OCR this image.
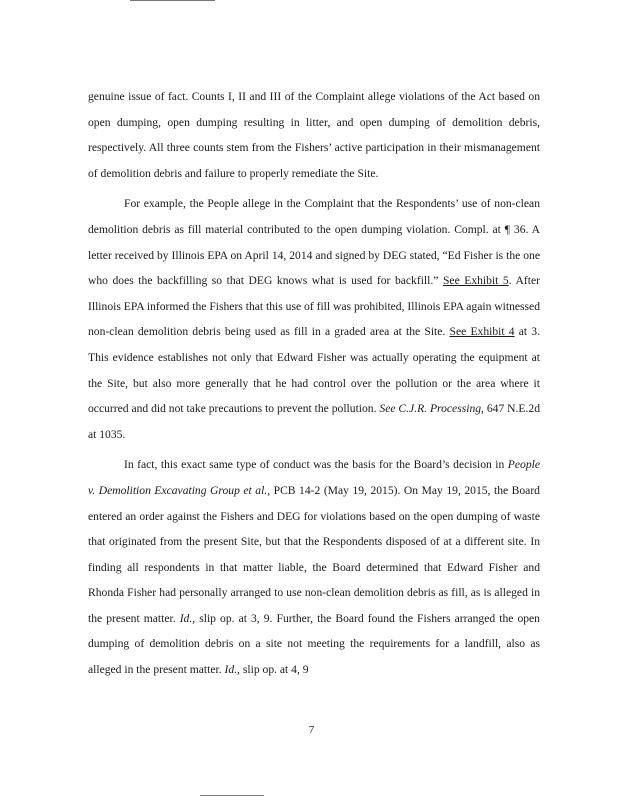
genuine issue of fact. Counts I, II and III of the Complaint allege violations of the Act based on open dumping, open dumping resulting in litter, and open dumping of demolition debris, respectively. All three counts stem from the Fishers’ active participation in their mismanagement of demolition debris and failure to properly remediate the Site.

For example, the People allege in the Complaint that the Respondents’ use of non-clean demolition debris as fill material contributed to the open dumping violation. Compl. at ¶ 36. A letter received by Illinois EPA on April 14, 2014 and signed by DEG stated, “Ed Fisher is the one who does the backfilling so that DEG knows what is used for backfill.” See Exhibit 5. After Illinois EPA informed the Fishers that this use of fill was prohibited, Illinois EPA again witnessed non-clean demolition debris being used as fill in a graded area at the Site. See Exhibit 4 at 3. This evidence establishes not only that Edward Fisher was actually operating the equipment at the Site, but also more generally that he had control over the pollution or the area where it occurred and did not take precautions to prevent the pollution. See C.J.R. Processing, 647 N.E.2d at 1035.

In fact, this exact same type of conduct was the basis for the Board’s decision in People v. Demolition Excavating Group et al., PCB 14-2 (May 19, 2015). On May 19, 2015, the Board entered an order against the Fishers and DEG for violations based on the open dumping of waste that originated from the present Site, but that the Respondents disposed of at a different site. In finding all respondents in that matter liable, the Board determined that Edward Fisher and Rhonda Fisher had personally arranged to use non-clean demolition debris as fill, as is alleged in the present matter. Id., slip op. at 3, 9. Further, the Board found the Fishers arranged the open dumping of demolition debris on a site not meeting the requirements for a landfill, also as alleged in the present matter. Id., slip op. at 4, 9

7
